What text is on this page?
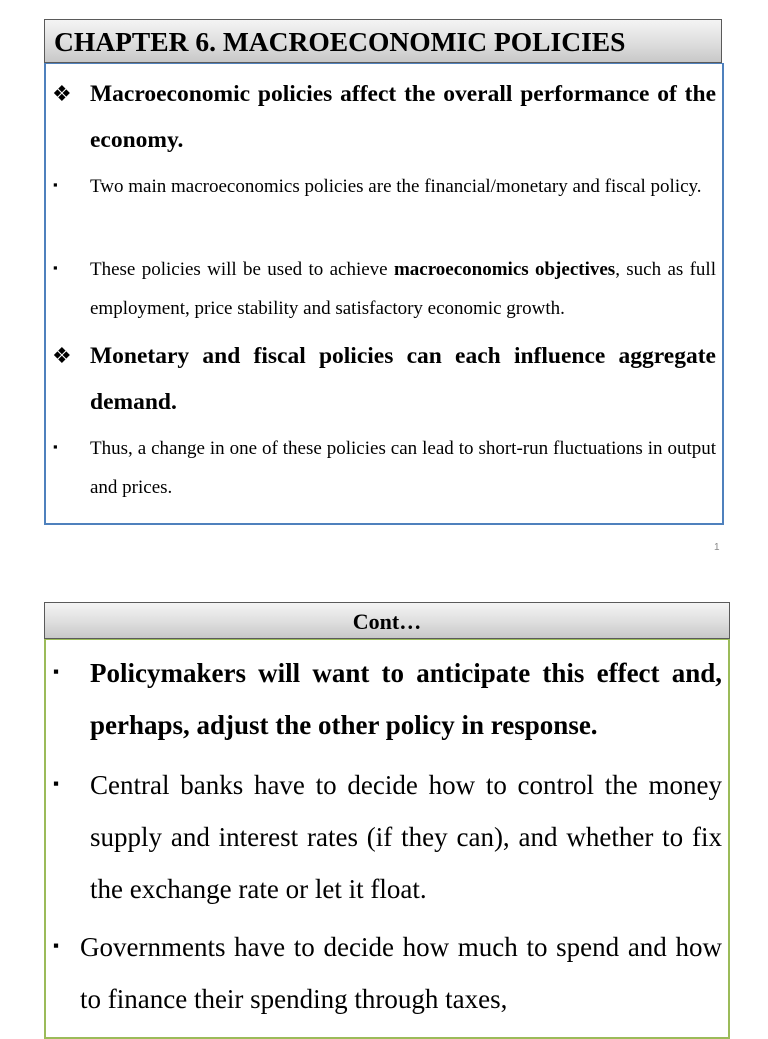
CHAPTER 6. MACROECONOMIC POLICIES
❖ Macroeconomic policies affect the overall performance of the economy.
▪ Two main macroeconomics policies are the financial/monetary and fiscal policy.
▪ These policies will be used to achieve macroeconomics objectives, such as full employment, price stability and satisfactory economic growth.
❖ Monetary and fiscal policies can each influence aggregate demand.
▪ Thus, a change in one of these policies can lead to short-run fluctuations in output and prices.
1
Cont…
▪ Policymakers will want to anticipate this effect and, perhaps, adjust the other policy in response.
▪ Central banks have to decide how to control the money supply and interest rates (if they can), and whether to fix the exchange rate or let it float.
▪ Governments have to decide how much to spend and how to finance their spending through taxes,
